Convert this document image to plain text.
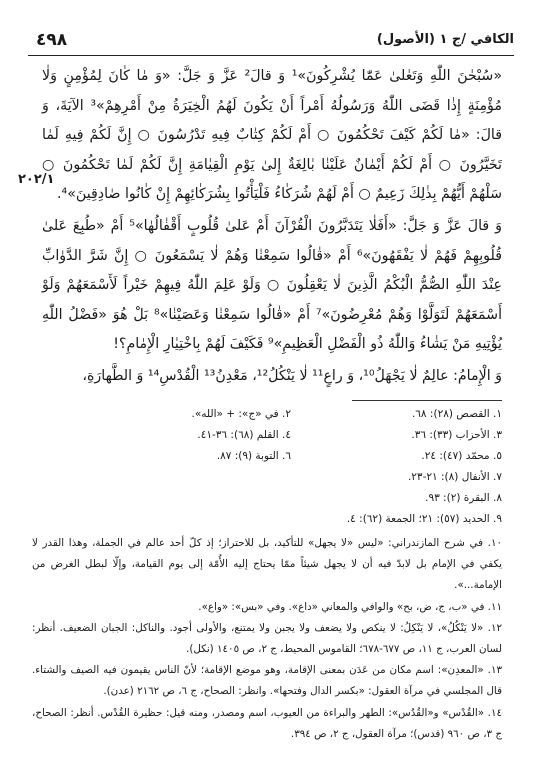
٤٩٨	الكافي /ج ١ (الأصول)
٢٠٢/١

«سُبْحٰنَ اللّٰهِ وَتَعٰلىٰ عَمّٰا يُشْرِكُونَ»¹ وَ قالَ² عَزَّ وَ جَلَّ: «وَ مٰا كٰانَ لِمُؤْمِنٍ وَلٰا مُؤْمِنَةٍ إِذٰا قَضَى اللّٰهُ وَرَسُولُهُ أَمْراً أَنْ يَكُونَ لَهُمُ الْخِيَرَةُ مِنْ أَمْرِهِمْ»³ الآيَةَ، وَ قالَ: «مٰا لَكُمْ كَيْفَ تَحْكُمُونَ ○ أَمْ لَكُمْ كِتٰابٌ فِيهِ تَدْرُسُونَ ○ إِنَّ لَكُمْ فِيهِ لَمٰا تَخَيَّرُونَ ○ أَمْ لَكُمْ أَيْمٰانٌ عَلَيْنٰا بٰالِغَةٌ إِلىٰ يَوْمِ الْقِيٰامَةِ إِنَّ لَكُمْ لَمٰا تَحْكُمُونَ ○ سَلْهُمْ أَيُّهُمْ بِذٰلِكَ زَعِيمٌ ○ أَمْ لَهُمْ شُرَكٰاءُ فَلْيَأْتُوا بِشُرَكٰائِهِمْ إِنْ كٰانُوا صٰادِقِينَ»⁴.

وَ قالَ عَزَّ وَ جَلَّ: «أَفَلٰا يَتَدَبَّرُونَ الْقُرْآنَ أَمْ عَلىٰ قُلُوبٍ أَقْفٰالُهٰا»⁵ أَمْ «طُبِعَ عَلىٰ قُلُوبِهِمْ فَهُمْ لٰا يَفْقَهُونَ»⁶ أَمْ «قٰالُوا سَمِعْنٰا وَهُمْ لٰا يَسْمَعُونَ ○ إِنَّ شَرَّ الدَّوٰابِّ عِنْدَ اللّٰهِ الصُّمُّ الْبُكْمُ الَّذِينَ لٰا يَعْقِلُونَ ○ وَلَوْ عَلِمَ اللّٰهُ فِيهِمْ خَيْراً لَأَسْمَعَهُمْ وَلَوْ أَسْمَعَهُمْ لَتَوَلَّوْا وَهُمْ مُعْرِضُونَ»⁷ أَمْ «قٰالُوا سَمِعْنٰا وَعَصَيْنٰا»⁸ بَلْ هُوَ «فَضْلُ اللّٰهِ يُؤْتِيهِ مَنْ يَشٰاءُ وَاللّٰهُ ذُو الْفَضْلِ الْعَظِيمِ»⁹ فَكَيْفَ لَهُمْ بِاخْتِيٰارِ الْإِمٰامِ؟!

وَ الْإِمامُ: عالِمٌ لٰا يَجْهَلُ¹⁰، وَ راعٍ¹¹ لٰا يَنْكُلُ¹²، مَعْدِنُ¹³ الْقُدْسِ¹⁴ وَ الطَّهارَةِ،

١. القصص (٢٨): ٦٨.
٢. في «ج»: + «الله».
٣. الأحزاب (٣٣): ٣٦.
٤. القلم (٦٨): ٣٦-٤١.
٥. محمّد (٤٧): ٢٤.
٦. التوبة (٩): ٨٧.
٧. الأنفال (٨): ٢١-٢٣.
٨. البقرة (٢): ٩٣.
٩. الحديد (٥٧): ٢١؛ الجمعة (٦٢): ٤.

١٠. في شرح المازندراني: «ليس «لا يجهل» للتأكيد، بل للاحتراز؛ إذ كلّ أحد عالم في الجملة، وهذا القدر لا يكفي في الإمام بل لابدّ فيه أن لا يجهل شيئاً ممّا يحتاج إليه الأُمّة إلى يوم القيامة، وإلّا لبطل الغرض من الإمامة...».

١١. في «ب، ج، ض، بح» والوافي والمعاني «داع». وفي «بس»: «واع».

١٢. «لا يَنْكُلُ»، لا يَنْكِلُ: لا ينكص ولا يضعف ولا يجبن ولا يمتنع، والأولى أجود. والناكل: الجبان الضعيف. أنظر: لسان العرب، ج ١١، ص ٦٧٧-٦٧٨؛ القاموس المحيط، ج ٢، ص ١٤٠٥ (نكل).

١٣. «المعدِن»: اسم مكان من عَدَن بمعنى الإقامة، وهو موضع الإقامة؛ لأنّ الناس يقيمون فيه الصيف والشتاء. قال المجلسي في مرآة العقول: «بكسر الدال وفتحها». وانظر: الصحاح، ج ٦، ص ٢١٦٢ (عدن).

١٤. «القُدْس» و«القُدُس»: الطهر والبراءة من العيوب، اسم ومصدر، ومنه قيل: حظيرة القُدْس. أنظر: الصحاح، ج ٣، ص ٩٦٠ (قدس)؛ مرآة العقول، ج ٢، ص ٣٩٤.
